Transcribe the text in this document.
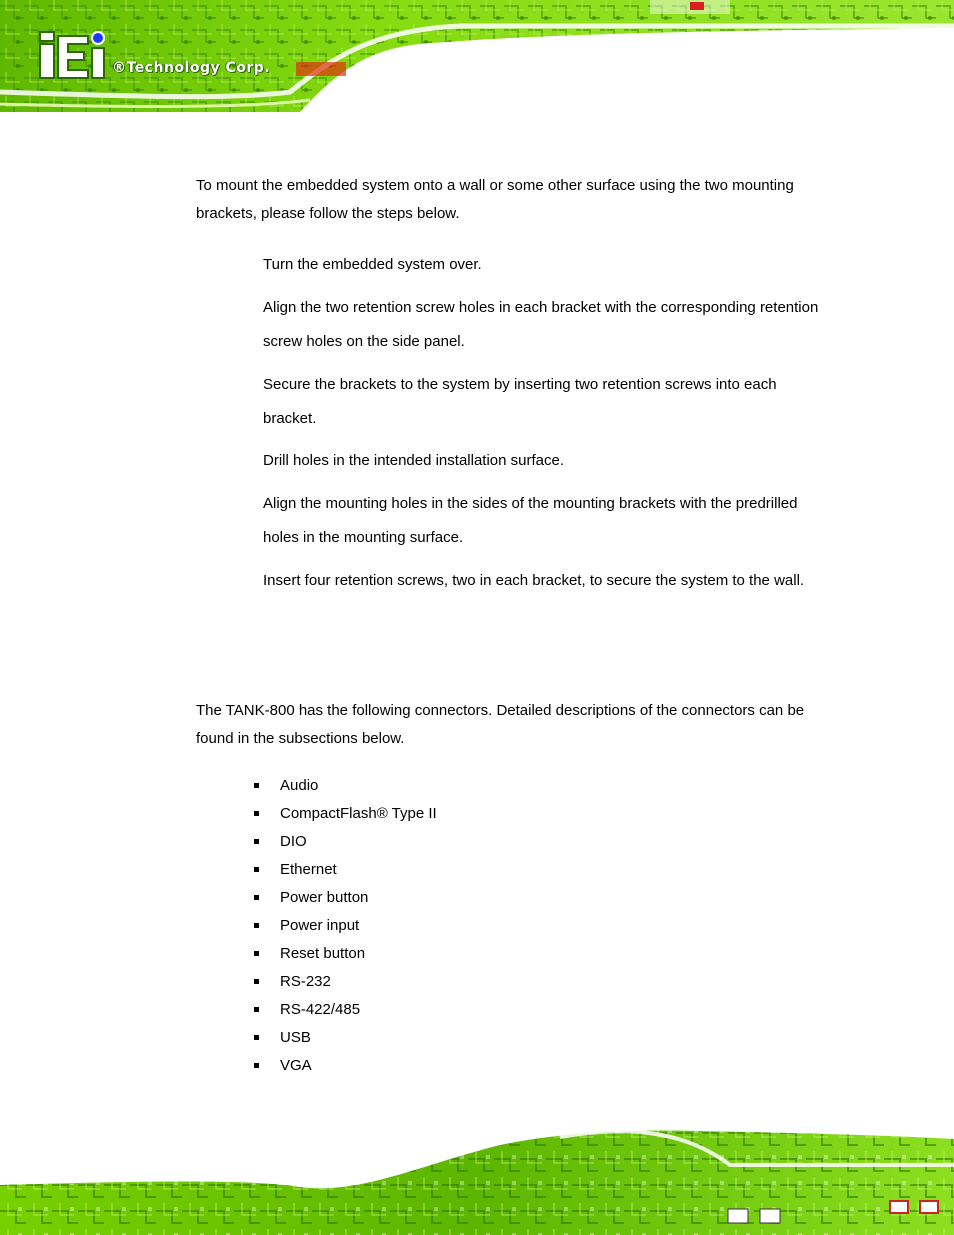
®Technology Corp.

To mount the embedded system onto a wall or some other surface using the two mounting brackets, please follow the steps below.

Turn the embedded system over.

Align the two retention screw holes in each bracket with the corresponding retention screw holes on the side panel.

Secure the brackets to the system by inserting two retention screws into each bracket.

Drill holes in the intended installation surface.

Align the mounting holes in the sides of the mounting brackets with the predrilled holes in the mounting surface.

Insert four retention screws, two in each bracket, to secure the system to the wall.

The TANK-800 has the following connectors. Detailed descriptions of the connectors can be found in the subsections below.

Audio
CompactFlash® Type II
DIO
Ethernet
Power button
Power input
Reset button
RS-232
RS-422/485
USB
VGA
